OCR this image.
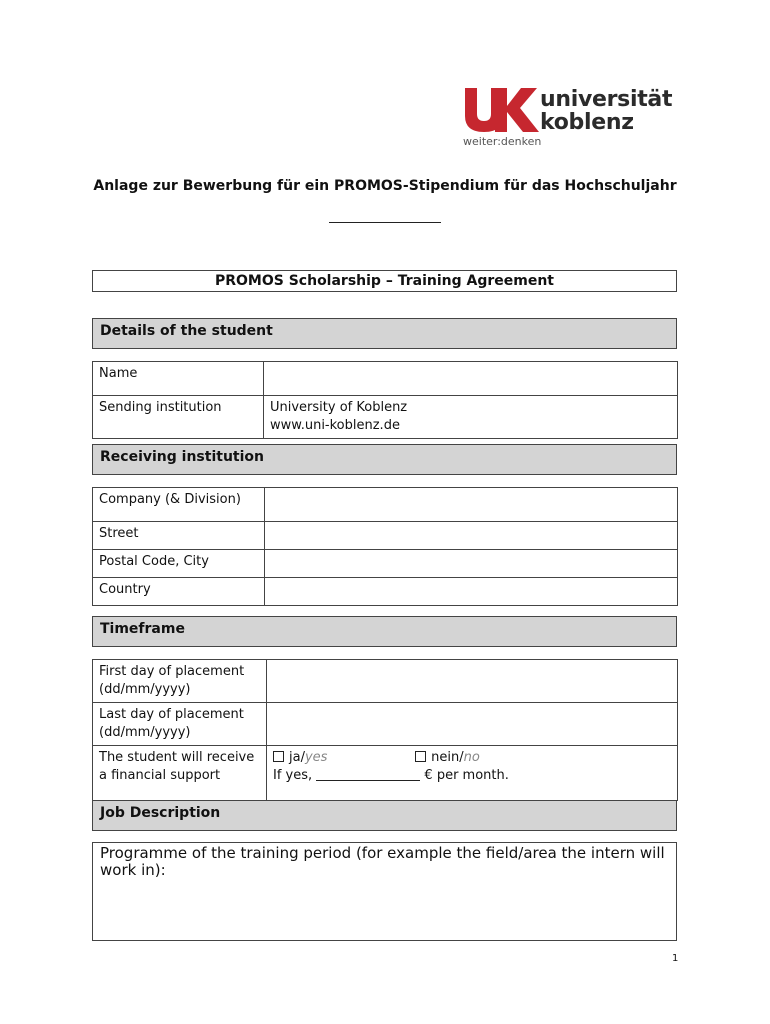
universität
koblenz
weiter:denken
Anlage zur Bewerbung für ein PROMOS-Stipendium für das Hochschuljahr
PROMOS Scholarship – Training Agreement
Details of the student
Name	
Sending institution	University of Koblenz
www.uni-koblenz.de
Receiving institution
Company (& Division)	
Street	
Postal Code, City	
Country	
Timeframe
First day of placement (dd/mm/yyyy)	
Last day of placement (dd/mm/yyyy)	
The student will receive a financial support	ja/yes nein/no
If yes, € per month.
Job Description
Programme of the training period (for example the field/area the intern will work in):
1
